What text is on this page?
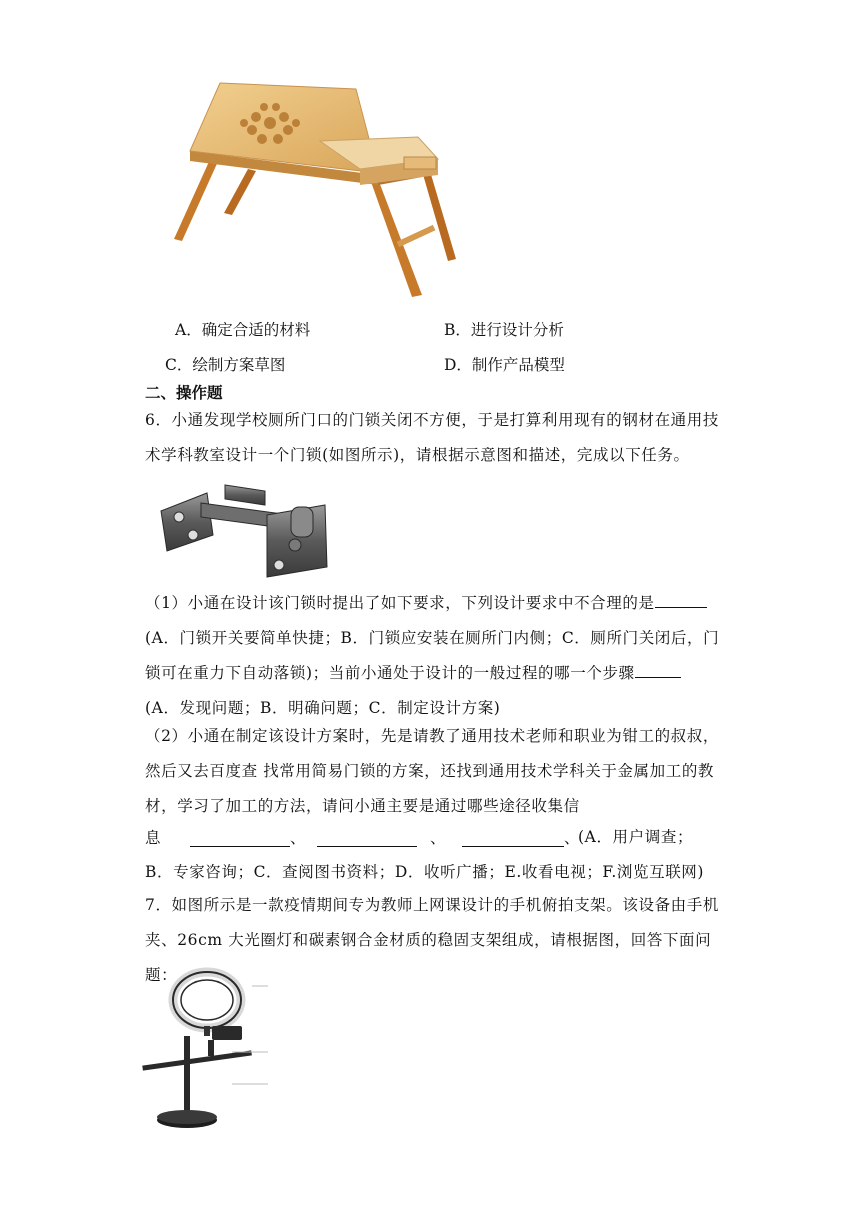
A．确定合适的材料	B．进行设计分析
C．绘制方案草图	D．制作产品模型
二、操作题
6．小通发现学校厕所门口的门锁关闭不方便，于是打算利用现有的钢材在通用技术学科教室设计一个门锁(如图所示)，请根据示意图和描述，完成以下任务。
（1）小通在设计该门锁时提出了如下要求，下列设计要求中不合理的是(A．门锁开关要简单快捷；B．门锁应安装在厕所门内侧；C．厕所门关闭后，门锁可在重力下自动落锁)；当前小通处于设计的一般过程的哪一个步骤 (A．发现问题；B．明确问题；C．制定设计方案)
（2）小通在制定该设计方案时，先是请教了通用技术老师和职业为钳工的叔叔，然后又去百度查 找常用简易门锁的方案，还找到通用技术学科关于金属加工的教材，学习了加工的方法，请问小通主要是通过哪些途径收集信
息	、	、	、
(A．用户调查；B．专家咨询；C．查阅图书资料；D．收听广播；E.收看电视；F.浏览互联网)
7．如图所示是一款疫情期间专为教师上网课设计的手机俯拍支架。该设备由手机夹、26cm 大光圈灯和碳素钢合金材质的稳固支架组成，请根据图，回答下面问题：
